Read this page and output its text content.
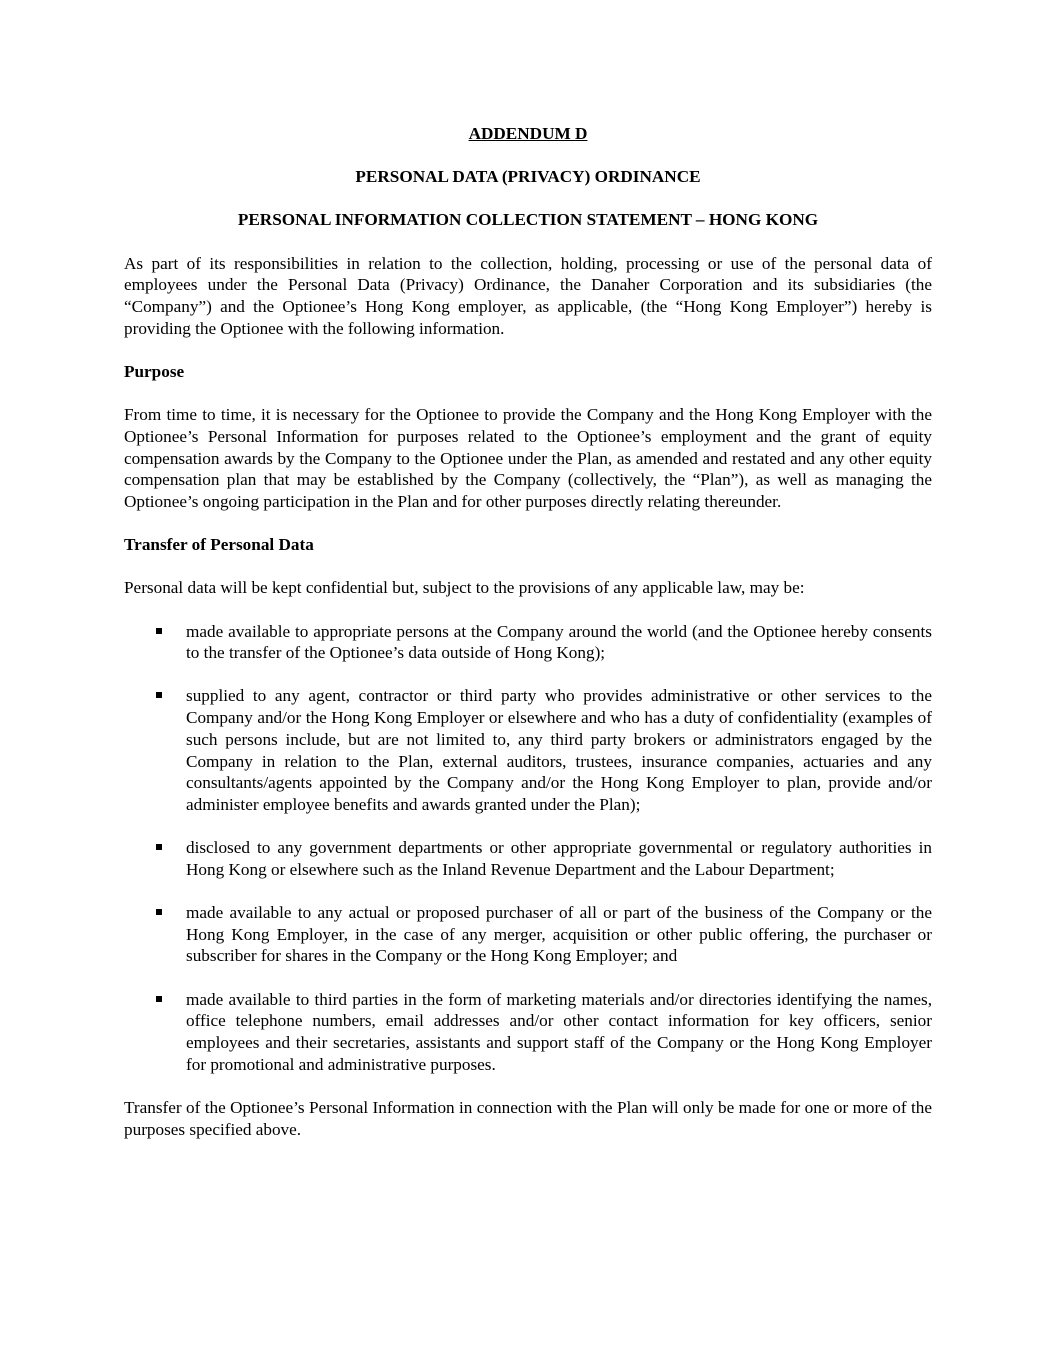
ADDENDUM D
PERSONAL DATA (PRIVACY) ORDINANCE
PERSONAL INFORMATION COLLECTION STATEMENT – HONG KONG

As part of its responsibilities in relation to the collection, holding, processing or use of the personal data of employees under the Personal Data (Privacy) Ordinance, the Danaher Corporation and its subsidiaries (the “Company”) and the Optionee’s Hong Kong employer, as applicable, (the “Hong Kong Employer”) hereby is providing the Optionee with the following information.

Purpose

From time to time, it is necessary for the Optionee to provide the Company and the Hong Kong Employer with the Optionee’s Personal Information for purposes related to the Optionee’s employment and the grant of equity compensation awards by the Company to the Optionee under the Plan, as amended and restated and any other equity compensation plan that may be established by the Company (collectively, the “Plan”), as well as managing the Optionee’s ongoing participation in the Plan and for other purposes directly relating thereunder.

Transfer of Personal Data

Personal data will be kept confidential but, subject to the provisions of any applicable law, may be:

made available to appropriate persons at the Company around the world (and the Optionee hereby consents to the transfer of the Optionee’s data outside of Hong Kong);
supplied to any agent, contractor or third party who provides administrative or other services to the Company and/or the Hong Kong Employer or elsewhere and who has a duty of confidentiality (examples of such persons include, but are not limited to, any third party brokers or administrators engaged by the Company in relation to the Plan, external auditors, trustees, insurance companies, actuaries and any consultants/agents appointed by the Company and/or the Hong Kong Employer to plan, provide and/or administer employee benefits and awards granted under the Plan);
disclosed to any government departments or other appropriate governmental or regulatory authorities in Hong Kong or elsewhere such as the Inland Revenue Department and the Labour Department;
made available to any actual or proposed purchaser of all or part of the business of the Company or the Hong Kong Employer, in the case of any merger, acquisition or other public offering, the purchaser or subscriber for shares in the Company or the Hong Kong Employer; and
made available to third parties in the form of marketing materials and/or directories identifying the names, office telephone numbers, email addresses and/or other contact information for key officers, senior employees and their secretaries, assistants and support staff of the Company or the Hong Kong Employer for promotional and administrative purposes.

Transfer of the Optionee’s Personal Information in connection with the Plan will only be made for one or more of the purposes specified above.
